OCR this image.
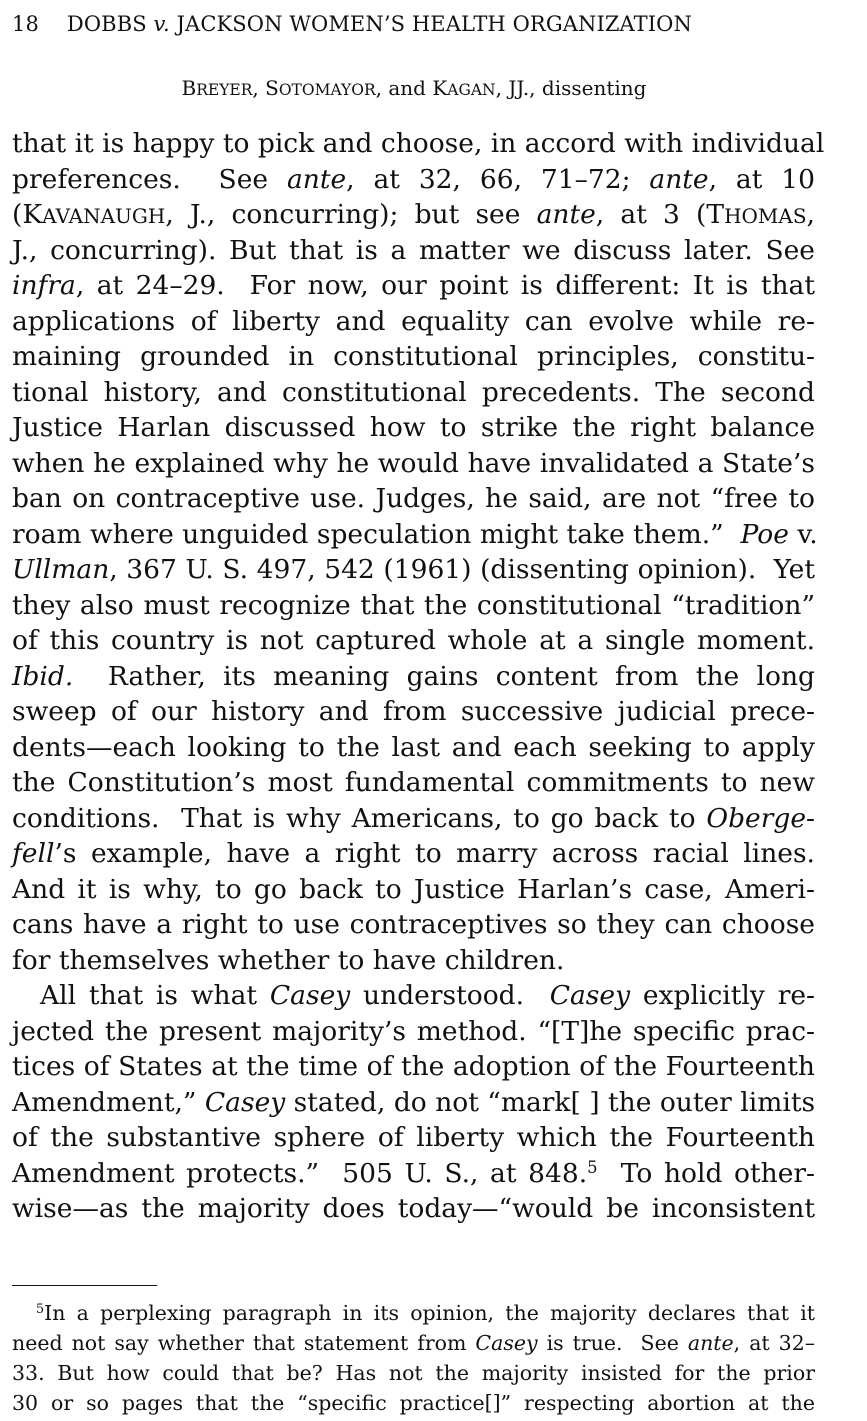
18 DOBBS v. JACKSON WOMEN’S HEALTH ORGANIZATION
BREYER, SOTOMAYOR, and KAGAN, JJ., dissenting
that it is happy to pick and choose, in accord with individual
preferences.  See ante, at 32, 66, 71–72; ante, at 10
(KAVANAUGH, J., concurring); but see ante, at 3 (THOMAS,
J., concurring). But that is a matter we discuss later. See
infra, at 24–29.  For now, our point is different: It is that
applications of liberty and equality can evolve while re-
maining grounded in constitutional principles, constitu-
tional history, and constitutional precedents. The second
Justice Harlan discussed how to strike the right balance
when he explained why he would have invalidated a State’s
ban on contraceptive use. Judges, he said, are not “free to
roam where unguided speculation might take them.”  Poe v.
Ullman, 367 U. S. 497, 542 (1961) (dissenting opinion).  Yet
they also must recognize that the constitutional “tradition”
of this country is not captured whole at a single moment.
Ibid.  Rather, its meaning gains content from the long
sweep of our history and from successive judicial prece-
dents—each looking to the last and each seeking to apply
the Constitution’s most fundamental commitments to new
conditions.  That is why Americans, to go back to Oberge-
fell’s example, have a right to marry across racial lines.
And it is why, to go back to Justice Harlan’s case, Ameri-
cans have a right to use contraceptives so they can choose
for themselves whether to have children.
All that is what Casey understood.  Casey explicitly re-
jected the present majority’s method. “[T]he specific prac-
tices of States at the time of the adoption of the Fourteenth
Amendment,” Casey stated, do not “mark[ ] the outer limits
of the substantive sphere of liberty which the Fourteenth
Amendment protects.”  505 U. S., at 848.$^5$  To hold other-
wise—as the majority does today—“would be inconsistent
$^5$In a perplexing paragraph in its opinion, the majority declares that it
need not say whether that statement from Casey is true.  See ante, at 32–
33. But how could that be? Has not the majority insisted for the prior
30 or so pages that the “specific practice[]” respecting abortion at the
